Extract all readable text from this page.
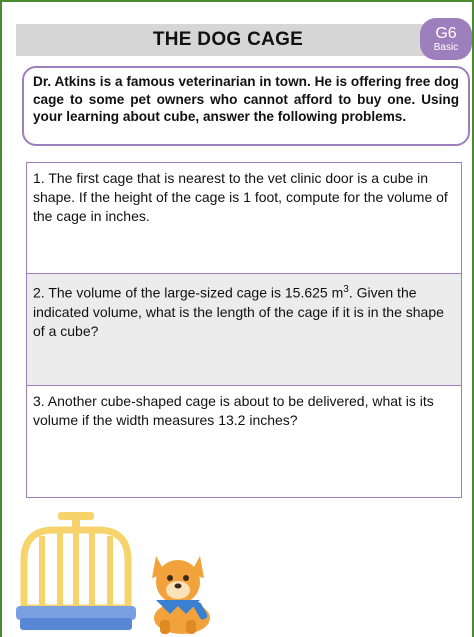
THE DOG CAGE	G6
Basic
Dr. Atkins is a famous veterinarian in town. He is offering free dog cage to some pet owners who cannot afford to buy one. Using your learning about cube, answer the following problems.
1. The first cage that is nearest to the vet clinic door is a cube in shape. If the height of the cage is 1 foot, compute for the volume of the cage in inches.
2. The volume of the large-sized cage is 15.625 $m^3$. Given the indicated volume, what is the length of the cage if it is in the shape of a cube?
3. Another cube-shaped cage is about to be delivered, what is its volume if the width measures 13.2 inches?
